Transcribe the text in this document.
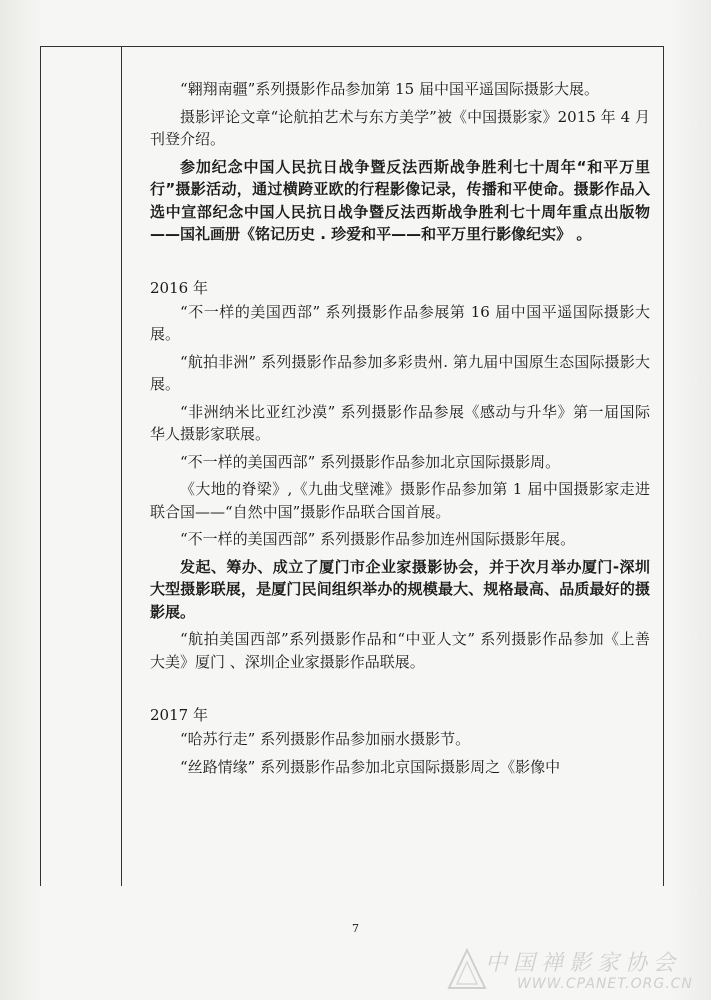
“翱翔南疆”系列摄影作品参加第 15 届中国平遥国际摄影大展。
摄影评论文章“论航拍艺术与东方美学”被《中国摄影家》2015 年 4 月刊登介绍。
参加纪念中国人民抗日战争暨反法西斯战争胜利七十周年“和平万里行”摄影活动，通过横跨亚欧的行程影像记录，传播和平使命。摄影作品入选中宣部纪念中国人民抗日战争暨反法西斯战争胜利七十周年重点出版物——国礼画册《铭记历史 . 珍爱和平——和平万里行影像纪实》 。
2016 年
“不一样的美国西部” 系列摄影作品参展第 16 届中国平遥国际摄影大展。
“航拍非洲” 系列摄影作品参加多彩贵州. 第九届中国原生态国际摄影大展。
“非洲纳米比亚红沙漠” 系列摄影作品参展《感动与升华》第一届国际华人摄影家联展。
“不一样的美国西部” 系列摄影作品参加北京国际摄影周。
《大地的脊梁》,《九曲戈壁滩》摄影作品参加第 1 届中国摄影家走进联合国——“自然中国”摄影作品联合国首展。
“不一样的美国西部” 系列摄影作品参加连州国际摄影年展。
发起、筹办、成立了厦门市企业家摄影协会，并于次月举办厦门-深圳大型摄影联展，是厦门民间组织举办的规模最大、规格最高、品质最好的摄影展。
“航拍美国西部”系列摄影作品和“中亚人文” 系列摄影作品参加《上善大美》厦门 、深圳企业家摄影作品联展。
2017 年
“哈苏行走” 系列摄影作品参加丽水摄影节。
“丝路情缘” 系列摄影作品参加北京国际摄影周之《影像中
7
中国禅影家协会
WWW.CPANET.ORG.CN
